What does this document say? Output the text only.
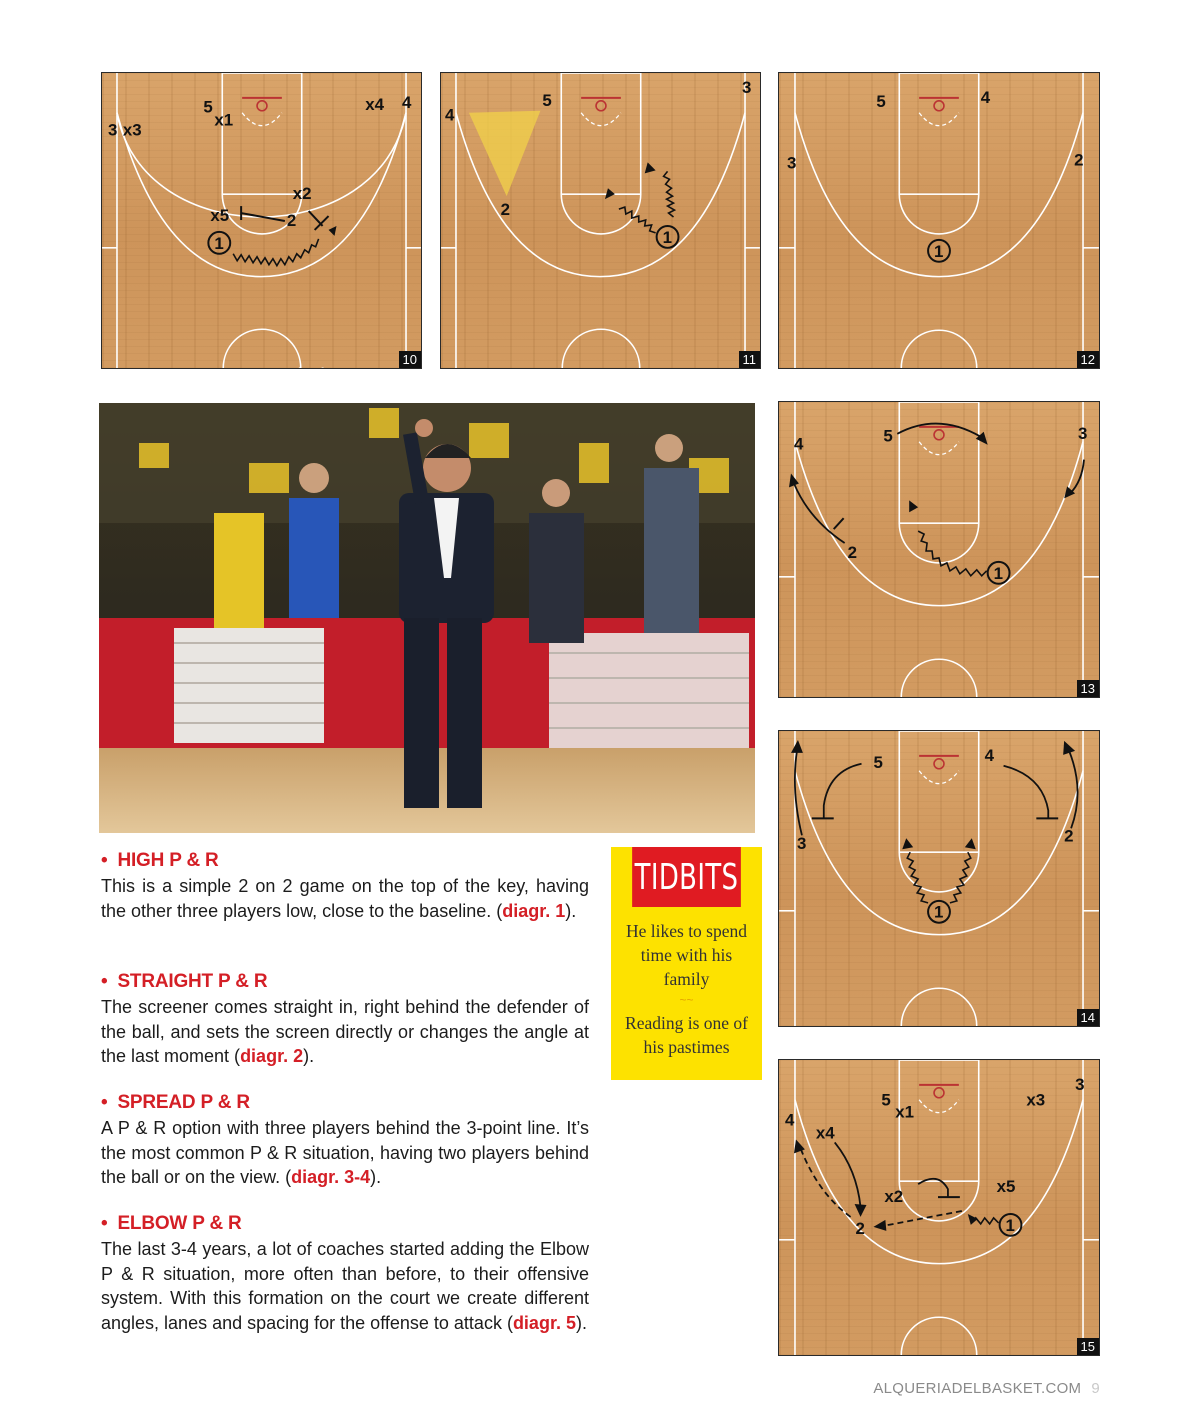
5
x1
x4 4
3 x3
x2
x5	2
1
10
4
5
3
2
1
11
5	4
3	2
1
12
4	5	3
2
1
13
5	4
3	2
1
14
5
x1
x3
3
4
x4
x2
x5
2	1
15
• HIGH P & R

This is a simple 2 on 2 game on the top of the key, having the other three players low, close to the baseline. (diagr. 1).

• STRAIGHT P & R

The screener comes straight in, right behind the defender of the ball, and sets the screen directly or changes the angle at the last moment (diagr. 2).

• SPREAD P & R

A P & R option with three players behind the 3-point line. It’s the most common P & R situation, having two players behind the ball or on the view. (diagr. 3-4).

• ELBOW P & R

The last 3-4 years, a lot of coaches started adding the Elbow P & R situation, more often than before, to their offensive system. With this formation on the court we create different angles, lanes and spacing for the offense to attack (diagr. 5).

TIDBITS

He likes to spend time with his family

~~

Reading is one of his pastimes

ALQUERIADELBASKET.COM 9
